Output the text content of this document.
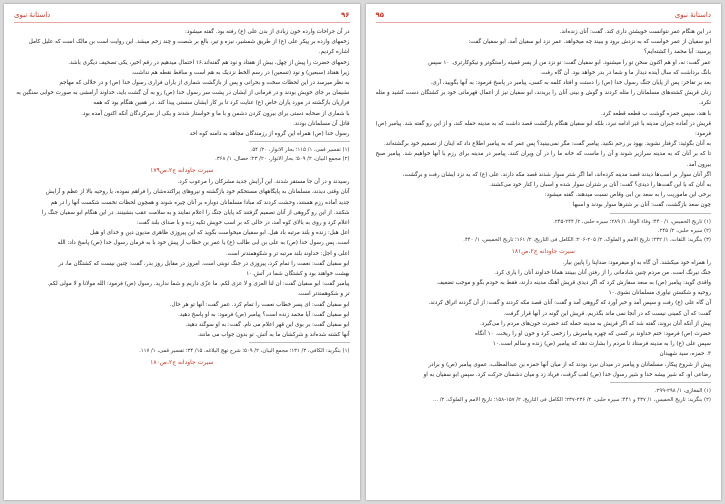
۹۶
داستانهٔ نبوی

در آن جراحات وارده خون زیادی از بدن علی (ع) رفته بود. گفته میشود:

زخمهای وارده بر پیکر علی (ع) از طریق شمشیر، نیزه و تیر، بالغ بر شصت و چند زخم میشد. این روایت است بن مالک است که علیل کامل

اشاره کردیم.

زخمهای حضرت را پیش از چهل، بیش از هفتاد و نود هم گفته‌اند.۱۶ احتمال میدهیم در رقم اخیر، یکی تصحیف دیگری باشد.

زیرا هفتاد (سبعین) و نود (تسعین) در رسم الخط نزدیک به هم است و ساقط نقطه هم نداشت.

به نظر میرسد در این لحظات سخت و بحرانی و پس از بازگشت شماری از یاران فراری رسول خدا (ص) و در خلالی که مهاجم

نشیمان بر جای خویش بودند و در فرمانی از ایشان در پشت سر رسول خدا (ص) رو به آن گشت باید، خداوند آرامشی به صورت خوابی سنگین به

فراریان بازگشته در مورد یاران خاص (ع) عنایت کرد تا بر کار ایشان سستی پیدا کند. در همین هنگام بود که همه

با شماری از صحابه دستی برای بیرون کردن دشمن و با ما و خواستار شدند و یکی از سرکردگان آنکه اکنون آمده بود.

قاتل آن مسلمانان بودند.

رسول خدا (ص) همراه این گروه از رزمندگان مجاهد به دامنه کوه احد

(۱) تفسیر قمی، ۱/ ۱۱۵؛ بحار الانوار، ۲۰/ ۵۴.

(۲) مجمع البیان، ۲/ ۵۰۹؛ بحار الانوار، ۲۰/ ۲۳؛ خصال، ۱/ ۳۶۸.

سیرت جاودانه ج۲،ص۱۷۹

رسیدند و در آن جا مستقر شدند. این آرایش جدید مشرکان را مرعوب کرد.

آنان وقتی دیدند، مسلمانان به پایگاههای مستحکم خود بازگشته و نیروهای پراکنده‌شان را فراهم نموده، یا روحیه بالا از عظم و آرایش

جدید آماده رزم هستند، وحشت کردند که مبادا مسلمانان دوباره بر آنان چیره شوند و همچون لحظات نخست شکست آنها را در هم

شکنند. از این رو گروهی از آنان تصمیم گرفتند که پایان جنگ را اعلام نمایند و به سلامت عقب بنشینند. در این هنگام ابو سفیان جنگ را

اعلام کرد و روی به بالای کوه آمد، در حالی که بر اسب خویش تکیه زده و با صدای بلند گفت:

اعل هبل: زنده و بلند مرتبه باد هبل. ابو سفیان میخواست بگوید که این پیروزی ظاهری مدیون دین و خدای او هبل

است. پس رسول خدا (ص) به علی بن ابی طالب (ع) یا عمر بن خطاب از پیش خود با به فرمان رسول خدا (ص) پاسخ داد: الله

اعلی و اجل: خداوند بلند مرتبه تر و شکوهمندتر است.

ابو سفیان گفت: نعمت را تمام کرد، پیروزی در جنگ نوبتی است. امروز در مقابل روز بدر، گفت: چنین نیست که کشتگان ما، در

بهشت خواهند بود و کشتگان شما در آتش.۱۰

پیامبر گفت: ابو سفیان گفت: ان لنا العزی و لا عزی لکم. ما عزّی داریم و شما ندارید. رسول (ص) فرمود: الله مولانا و لا مولی لکم.

تر و شکوهمندتر است.

ابو سفیان گفت: ای پسر خطاب نعمت را تمام کرد. عمر گفت: آنها تو هر حال.

ابو سفیان گفت: آیا محمد زنده است؟ پیامبر (ص) فرمود: به او پاسخ دهید.

ابو سفیان گفت: بر بوی این قهر اعلام می نام. گفت: به او سوگند دهید.

آنها کشته شده‌اند و شرکشان ما به آتش. تو بدون جواب می مانند.

(۱) بنگرید: الکافی، ۳/ ۱۳۱؛ مجمع البیان، ۲/ ۵۰۹؛ شرح نهج البلاغه، ۱۵/ ۳۴؛ تفسیر قمی، ۱/ ۱۱۷.

سیرت جاودانه ج۲،ص۱۸۰
داستانهٔ نبوی
۹۵

در این هنگام عمر نتوانست خویشتن داری کند. گفت: آنان زنده‌اند.

ابو سفیان از عمر خواست که به نزدش برود و ببیند چه میخواهد. عمر نزد ابو سفیان آمد. ابو سفیان گفت:

پرسید: آیا محمد را کشته‌ایم؟

عمر گفت: نه، او هم اکنون سخن تو را میشنود. ابو سفیان گفت: تو نزد من از پسر قمیئه راستگوتر و نیکوکارتری. ۱۰ سپس

بانگ برداشت که سال آینده دیدار ما و شما در بدر خواهد بود. آن گاه رفت.

بعد بر تفاخر: پس از پایان جنگ رسول خدا (ص) را دستت و افتاد کلمه به کسی، پیامبر در پاسخ فرمود: به آنها بگویید، آری.

زنان قریش کشته‌های مسلمانان را مثله کردند و گوش و بینی آنان را بریدند، ابو سفیان نیز از اعمال قهرمانی خود بر کشتگان دست کشید و مثله نکرد.

با هند، سپس حمزه گوشت ب قطعه قطعه کرد.

قریش در آماده جبران مدینه یا غیر ادامه نبرد، بلکه ابو سفیان هنگام بازگشت قصد داشت که به مدینه حمله کند، و از این رو گفته شد. پیامبر (ص) فرمود:

به آنان بگوئید: گرفتار نشوید. یهود بر رحم نکنید. پیامبر گفت: مگر نمی‌بینید؟ پس عمر که به پیامبر اطلاع داد که اینان از تصمیم خود برگشته‌اند.

تا که بر آنان که به مدینه سرازیر شوند و آن را ماست که خانه ما را در آن ویران کنند. پیامبر در مدینه برای رزم با آنها خواهیم شد. پیامبر صبح بیرون آمد.

اگر آنان سوار بر اسب‌ها دیدند قصد مدینه کرده‌اند، اما اگر شتر سوار شدند قصد مکه دارند. علی (ع) که به نزد ایشان رفت و برگشت،

به آنان که با این گفت‌ها را دیدی؟ گفت: آنان بر شتران سوار شده و اسبان را کنار خود می‌کشند.

برخی این ماموریت را به سعد بن ابی وقاص نسبت میدهند. گفته میشود:

چون سعد بازگشت، گفت: آنان بر شترها سوار بودند و اسبها

(۱) تاریخ الخمیس، ۱/ ۴۴۰؛ وفاء الوفا، ۱/ ۲۸۹؛ سیره حلبی، ۲/ ۲۴۴-۲۴۵.

(۲) سیره حلبی، ۲/ ۲۴۵.

(۳) بنگرید: الثقات، ۱/ ۲۳۲؛ تاریخ الامم و الملوک، ۲/ ۲۰۵-۲۰۶؛ الکامل فی التاریخ، ۲/ ۱۶۱؛ تاریخ الخمیس، ۱/ ۴۴۰.

سیرت جاودانه ج۲،ص۱۸۱

را همراه خود میکشند. آن گاه به او میفرمود: صداپنا را پایین بیار.

جنگ نیرنگ است. من مردم چنین شادمانی را از رفتن آنان ببینند همانا خداوند آنان را یاری کرد.

واقدی گوید: پیامبر (ص) به سعد سفارش کرد که اگر دیدی قریش آهنگ مدینه دارند، فقط به خودم بگو و موجب تضعیف

روحیه و شکستن نیاوری مسلمانان نشوی.۱۰

آن گاه علی (ع) رفت و سپس آمد و خبر آورد که گروهی آمد و گفت: آنان قصد مکه کردند و گفت: از آن گردنه اتراق کردند.

گفت: که آن کمینی نیست که در آنجا نمی ماند بگذریم. قریش این گونه در آنها قرار گرفت.

پیش از آنکه آنان بروند، گفته شد که اگر قریش به مدینه حمله کند حضرت خون‌های مردم را می‌گیرد.

حضرت (ص) فرمود: ختم خداوند بر کسی که چهره پیامبرش را زخمی کرد و خون او را ریخت. ۱۰ آنگاه

سپس علی (ع) را به مدینه فرستاد تا مردم را بشارت دهد که پیامبر (ص) زنده و سالم است.۱۰

۳. حمزه، سید شهیدان

پیش از شروع پیکار، مسلمانان و پیامبر در میدان نبرد بودند که از میان آنها حمزه بن عبدالمطلب، عموی پیامبر (ص) و برادر

رضاعی او، که شیر بیشه خدا و شیر رسول خدا (ص) لقب گرفت، فریاد زد و میان دشمنان حرکت کرد. سپس ابو سفیان به او

(۱) المغازی، ۱/ ۲۹۸-۲۹۹.

(۲) بنگرید: تاریخ الخمیس، ۱/ ۴۳۷ و ۴۴۱؛ سیره حلبی، ۲/ ۲۳۶-۲۳۷؛ الکامل فی التاریخ، ۲/ ۱۵۷-۱۵۸؛ تاریخ الامم و الملوک، ۲/ ...
